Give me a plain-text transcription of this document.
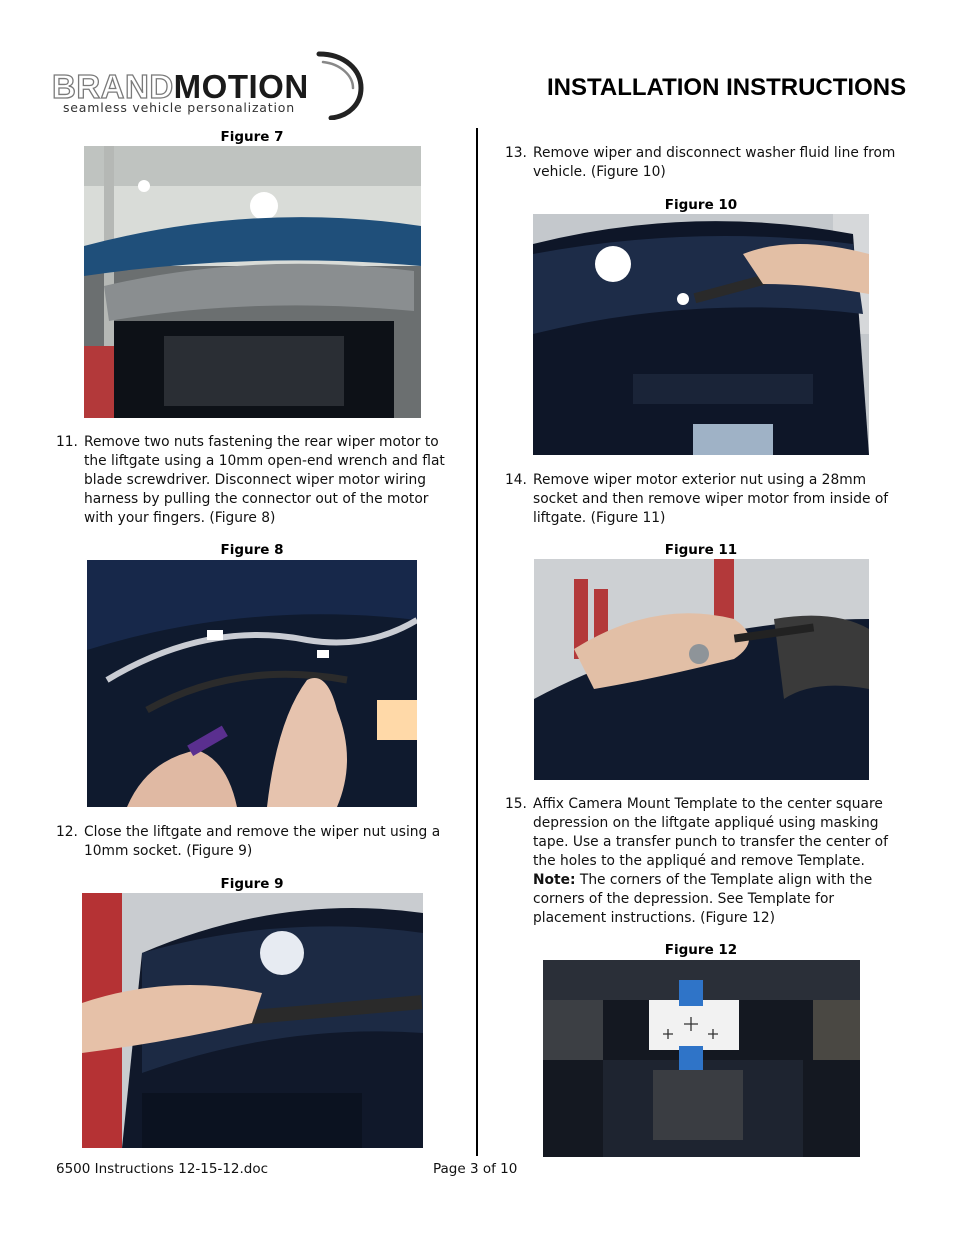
BRANDMOTION
seamless vehicle personalization
INSTALLATION INSTRUCTIONS
Figure 7
11. Remove two nuts fastening the rear wiper motor to
the liftgate using a 10mm open-end wrench and flat
blade screwdriver. Disconnect wiper motor wiring
harness by pulling the connector out of the motor
with your fingers. (Figure 8)
Figure 8
12. Close the liftgate and remove the wiper nut using a
10mm socket. (Figure 9)
Figure 9
13. Remove wiper and disconnect washer fluid line from
vehicle. (Figure 10)
Figure 10
14. Remove wiper motor exterior nut using a 28mm
socket and then remove wiper motor from inside of
liftgate. (Figure 11)
Figure 11
15. Affix Camera Mount Template to the center square
depression on the liftgate appliqué using masking
tape. Use a transfer punch to transfer the center of
the holes to the appliqué and remove Template.
Note: The corners of the Template align with the
corners of the depression. See Template for
placement instructions. (Figure 12)
Figure 12
6500 Instructions 12-15-12.doc	Page 3 of 10
